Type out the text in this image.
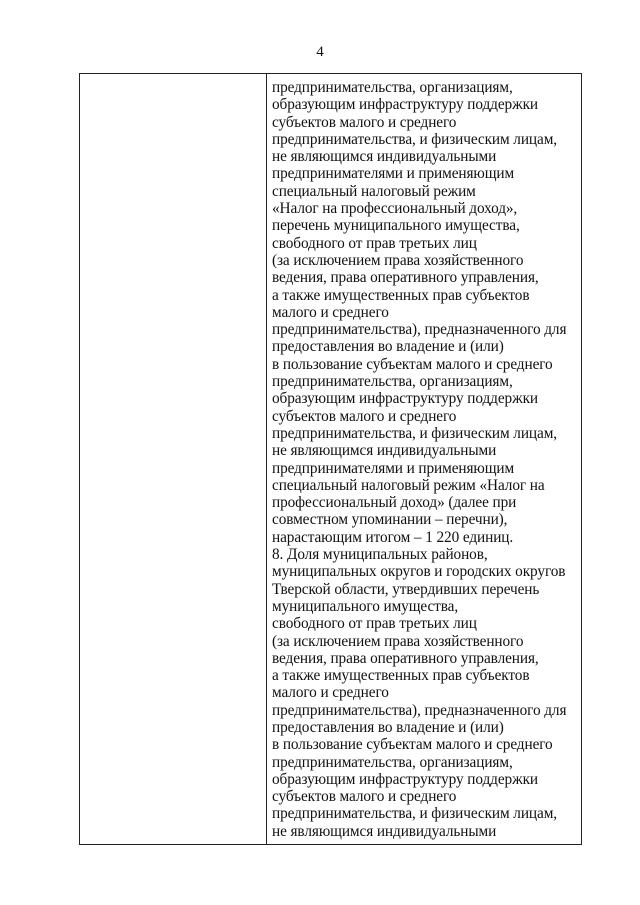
4
предпринимательства, организациям,
образующим инфраструктуру поддержки
субъектов малого и среднего
предпринимательства, и физическим лицам,
не являющимся индивидуальными
предпринимателями и применяющим
специальный налоговый режим
«Налог на профессиональный доход»,
перечень муниципального имущества,
свободного от прав третьих лиц
(за исключением права хозяйственного
ведения, права оперативного управления,
а также имущественных прав субъектов
малого и среднего
предпринимательства), предназначенного для
предоставления во владение и (или)
в пользование субъектам малого и среднего
предпринимательства, организациям,
образующим инфраструктуру поддержки
субъектов малого и среднего
предпринимательства, и физическим лицам,
не являющимся индивидуальными
предпринимателями и применяющим
специальный налоговый режим «Налог на
профессиональный доход» (далее при
совместном упоминании – перечни),
нарастающим итогом – 1 220 единиц.
8. Доля муниципальных районов,
муниципальных округов и городских округов
Тверской области, утвердивших перечень
муниципального имущества,
свободного от прав третьих лиц
(за исключением права хозяйственного
ведения, права оперативного управления,
а также имущественных прав субъектов
малого и среднего
предпринимательства), предназначенного для
предоставления во владение и (или)
в пользование субъектам малого и среднего
предпринимательства, организациям,
образующим инфраструктуру поддержки
субъектов малого и среднего
предпринимательства, и физическим лицам,
не являющимся индивидуальными
